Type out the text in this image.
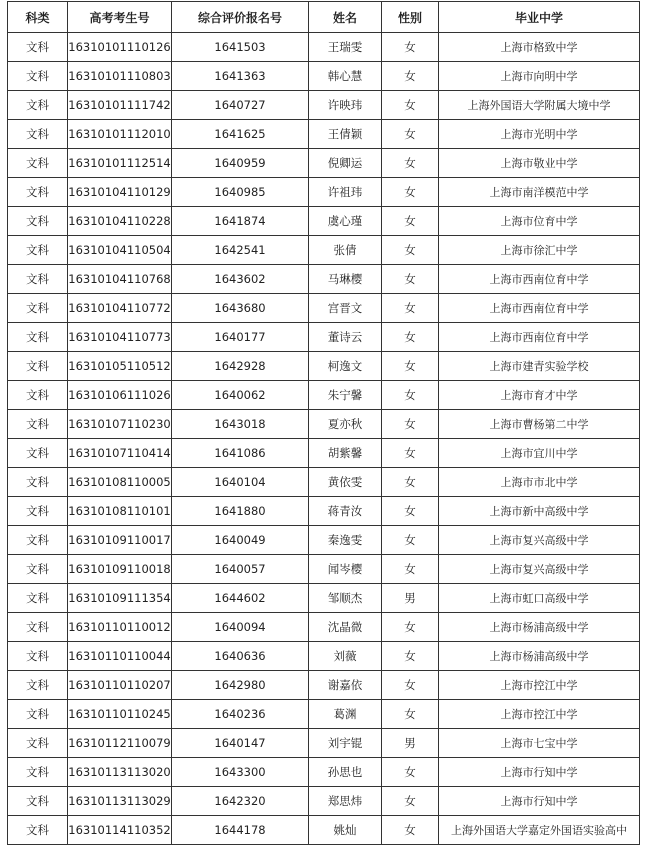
科类	高考考生号	综合评价报名号	姓名	性别	毕业中学
文科	16310101110126	1641503	王瑞雯	女	上海市格致中学
文科	16310101110803	1641363	韩心慧	女	上海市向明中学
文科	16310101111742	1640727	许映玮	女	上海外国语大学附属大境中学
文科	16310101112010	1641625	王倩颖	女	上海市光明中学
文科	16310101112514	1640959	倪卿运	女	上海市敬业中学
文科	16310104110129	1640985	许祖玮	女	上海市南洋模范中学
文科	16310104110228	1641874	虞心瑾	女	上海市位育中学
文科	16310104110504	1642541	张倩	女	上海市徐汇中学
文科	16310104110768	1643602	马琳樱	女	上海市西南位育中学
文科	16310104110772	1643680	宫晋文	女	上海市西南位育中学
文科	16310104110773	1640177	董诗云	女	上海市西南位育中学
文科	16310105110512	1642928	柯逸文	女	上海市建青实验学校
文科	16310106111026	1640062	朱宁馨	女	上海市育才中学
文科	16310107110230	1643018	夏亦秋	女	上海市曹杨第二中学
文科	16310107110414	1641086	胡紫馨	女	上海市宜川中学
文科	16310108110005	1640104	黄依雯	女	上海市市北中学
文科	16310108110101	1641880	蒋青汝	女	上海市新中高级中学
文科	16310109110017	1640049	秦逸雯	女	上海市复兴高级中学
文科	16310109110018	1640057	闻岑樱	女	上海市复兴高级中学
文科	16310109111354	1644602	邹顺杰	男	上海市虹口高级中学
文科	16310110110012	1640094	沈晶微	女	上海市杨浦高级中学
文科	16310110110044	1640636	刘薇	女	上海市杨浦高级中学
文科	16310110110207	1642980	谢嘉依	女	上海市控江中学
文科	16310110110245	1640236	葛渊	女	上海市控江中学
文科	16310112110079	1640147	刘宇锟	男	上海市七宝中学
文科	16310113113020	1643300	孙思也	女	上海市行知中学
文科	16310113113029	1642320	郑思炜	女	上海市行知中学
文科	16310114110352	1644178	姚灿	女	上海外国语大学嘉定外国语实验高中
